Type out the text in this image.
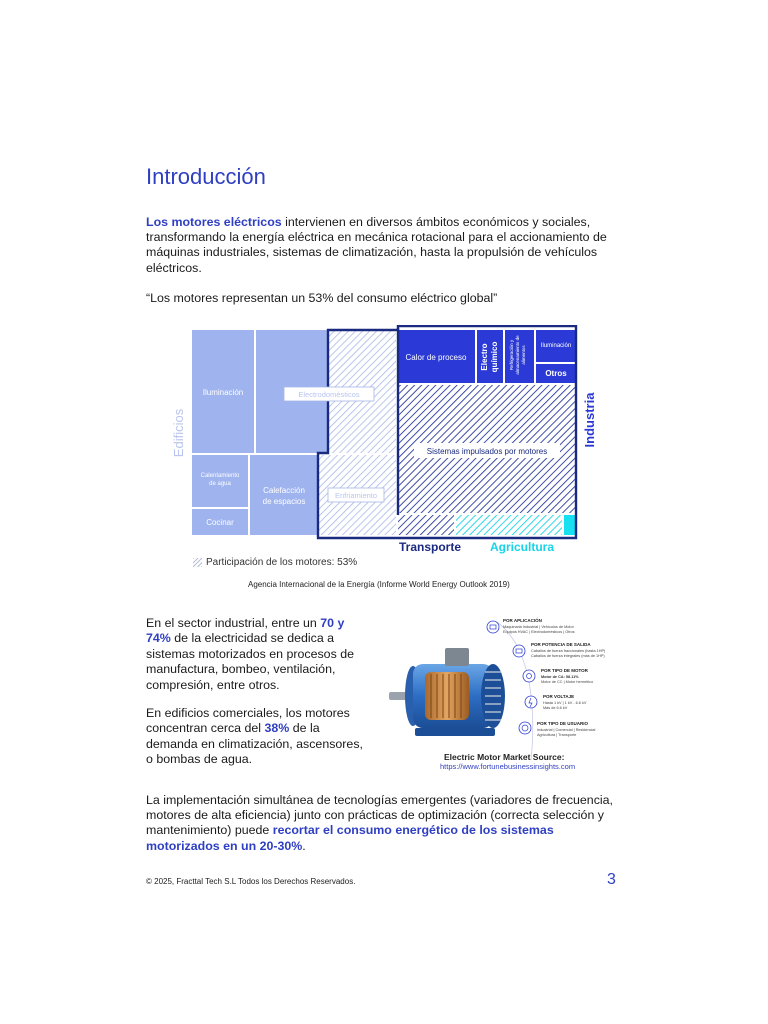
Introducción

Los motores eléctricos intervienen en diversos ámbitos económicos y sociales, transformando la energía eléctrica en mecánica rotacional para el accionamiento de máquinas industriales, sistemas de climatización, hasta la propulsión de vehículos eléctricos.

“Los motores representan un 53% del consumo eléctrico global”

Edificios	Industria
Transporte Agricultura
Iluminación	Electrodomésticos
Calentamiento
de agua
Calefacción
de espacios
Enfriamiento
Cocinar
Calor de proceso Electro químico Refrigeración y almacenamiento de alimentos Iluminación
Otros
Sistemas impulsados por motores
Participación de los motores: 53%
Agencia Internacional de la Energía (Informe World Energy Outlook 2019)

En el sector industrial, entre un 70 y 74% de la electricidad se dedica a sistemas motorizados en procesos de manufactura, bombeo, ventilación, compresión, entre otros.

En edificios comerciales, los motores concentran cerca del 38% de la demanda en climatización, ascensores, o bombas de agua.

POR APLICACIÓN
Maquinaria Industrial | Vehículos de Motor
Equipos HVAC | Electrodomésticos | Otros
POR POTENCIA DE SALIDA
Caballos de fuerza fraccionales (hasta 1HP)
Caballos de fuerza integrales (más de 1HP)
POR TIPO DE MOTOR
Motor de CA: 58.11%
Motor de CC | Motor hermético
POR VOLTAJE
Hasta 1 kV | 1 kV - 6.6 kV
Más de 6.6 kV
POR TIPO DE USUARIO
Industrial | Comercial | Residencial
Agricultura | Transporte
Electric Motor Market Source:
https://www.fortunebusinessinsights.com

La implementación simultánea de tecnologías emergentes (variadores de frecuencia, motores de alta eficiencia) junto con prácticas de optimización (correcta selección y mantenimiento) puede recortar el consumo energético de los sistemas motorizados en un 20-30%.

© 2025, Fracttal Tech S.L Todos los Derechos Reservados.	3
